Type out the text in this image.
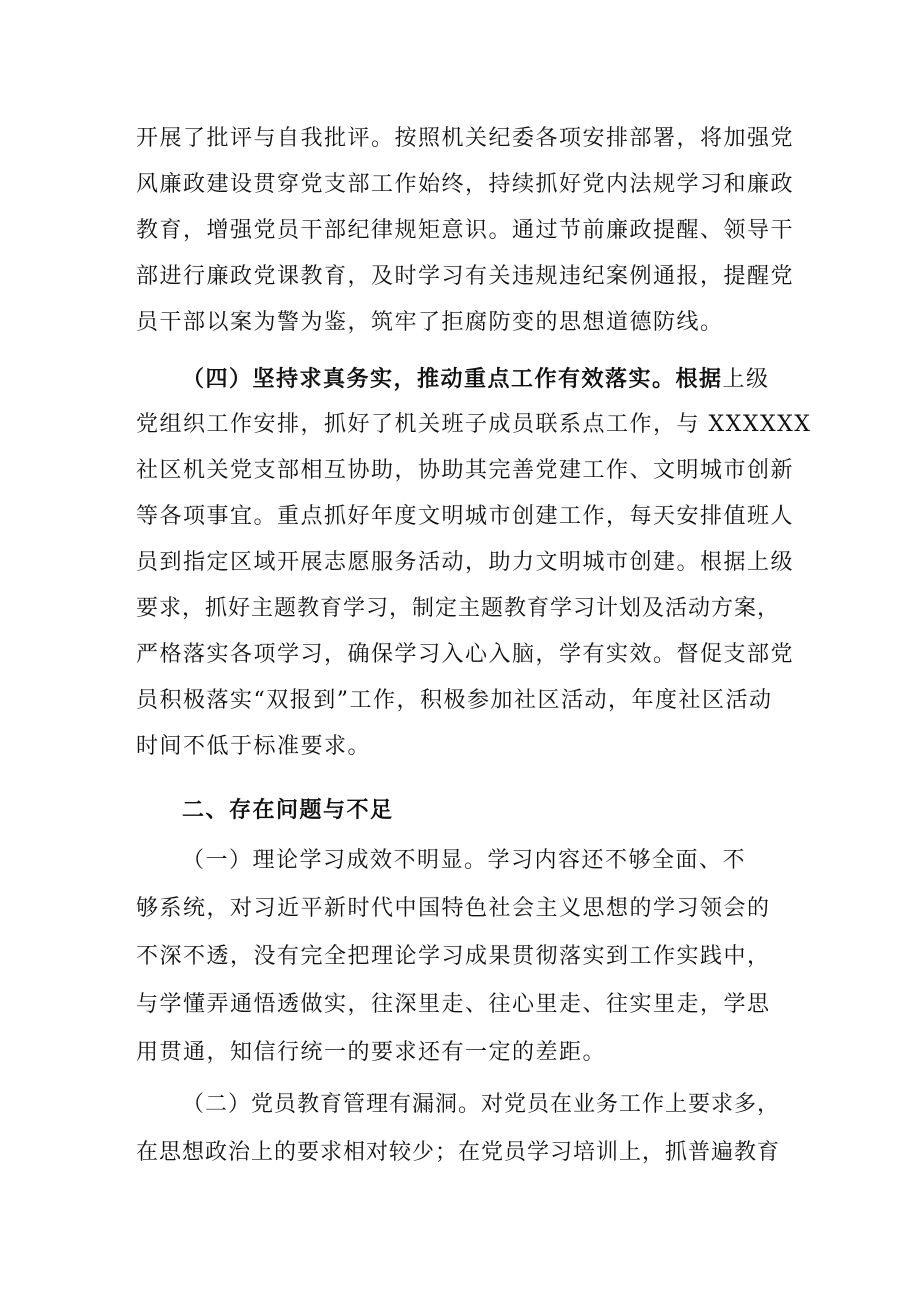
开展了批评与自我批评。按照机关纪委各项安排部署，将加强党
风廉政建设贯穿党支部工作始终，持续抓好党内法规学习和廉政
教育，增强党员干部纪律规矩意识。通过节前廉政提醒、领导干
部进行廉政党课教育，及时学习有关违规违纪案例通报，提醒党
员干部以案为警为鉴，筑牢了拒腐防变的思想道德防线。
（四）坚持求真务实，推动重点工作有效落实。根据上级
党组织工作安排，抓好了机关班子成员联系点工作，与 XXXXXX
社区机关党支部相互协助，协助其完善党建工作、文明城市创新
等各项事宜。重点抓好年度文明城市创建工作，每天安排值班人
员到指定区域开展志愿服务活动，助力文明城市创建。根据上级
要求，抓好主题教育学习，制定主题教育学习计划及活动方案，
严格落实各项学习，确保学习入心入脑，学有实效。督促支部党
员积极落实“双报到”工作，积极参加社区活动，年度社区活动
时间不低于标准要求。
二、存在问题与不足
（一）理论学习成效不明显。学习内容还不够全面、不
够系统，对习近平新时代中国特色社会主义思想的学习领会的
不深不透，没有完全把理论学习成果贯彻落实到工作实践中，
与学懂弄通悟透做实，往深里走、往心里走、往实里走，学思
用贯通，知信行统一的要求还有一定的差距。
（二）党员教育管理有漏洞。对党员在业务工作上要求多，
在思想政治上的要求相对较少；在党员学习培训上，抓普遍教育
